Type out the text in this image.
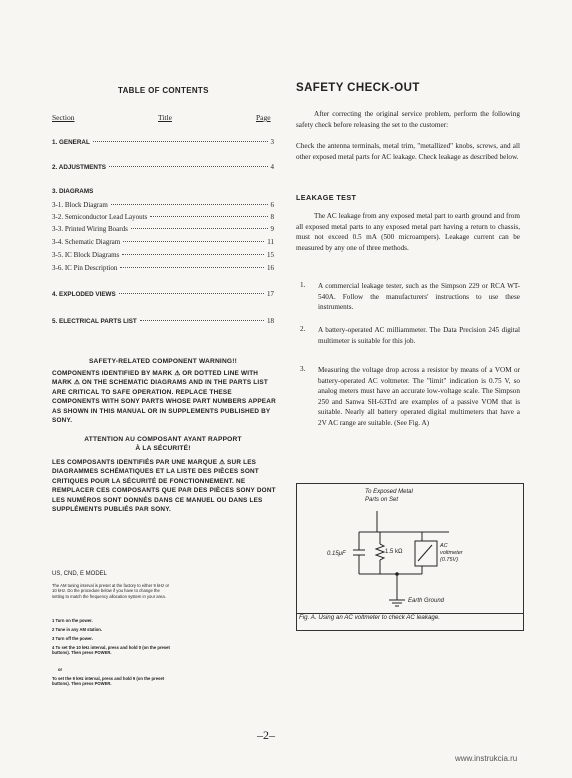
TABLE OF CONTENTS
Section	Title	Page
1. GENERAL	3
2. ADJUSTMENTS	4
3. DIAGRAMS
3-1. Block Diagram	6
3-2. Semiconductor Lead Layouts	8
3-3. Printed Wiring Boards	9
3-4. Schematic Diagram	11
3-5. IC Block Diagrams	15
3-6. IC Pin Description	16
4. EXPLODED VIEWS	17
5. ELECTRICAL PARTS LIST	18
SAFETY-RELATED COMPONENT WARNING!!
COMPONENTS IDENTIFIED BY MARK ⚠ OR DOTTED LINE WITH MARK ⚠ ON THE SCHEMATIC DIAGRAMS AND IN THE PARTS LIST ARE CRITICAL TO SAFE OPERATION. REPLACE THESE COMPONENTS WITH SONY PARTS WHOSE PART NUMBERS APPEAR AS SHOWN IN THIS MANUAL OR IN SUPPLEMENTS PUBLISHED BY SONY.
ATTENTION AU COMPOSANT AYANT RAPPORT
À LA SÉCURITÉ!
LES COMPOSANTS IDENTIFIÉS PAR UNE MARQUE ⚠ SUR LES DIAGRAMMES SCHÉMATIQUES ET LA LISTE DES PIÈCES SONT CRITIQUES POUR LA SÉCURITÉ DE FONCTIONNEMENT. NE REMPLACER CES COMPOSANTS QUE PAR DES PIÈCES SONY DONT LES NUMÉROS SONT DONNÉS DANS CE MANUEL OU DANS LES SUPPLÉMENTS PUBLIÉS PAR SONY.
US, CND, E MODEL
The AM tuning interval is preset at the factory to either 9 kHz or 10 kHz. Do the procedure below if you have to change the setting to match the frequency allocation system in your area.
1 Turn on the power.
2 Tune in any AM station.
3 Turn off the power.
4 To set the 10 kHz interval, press and hold 0 (on the preset buttons). Then press POWER.
or
To set the 9 kHz interval, press and hold 9 (on the preset buttons). Then press POWER.
SAFETY CHECK-OUT
After correcting the original service problem, perform the following safety check before releasing the set to the customer:
Check the antenna terminals, metal trim, "metallized" knobs, screws, and all other exposed metal parts for AC leakage. Check leakage as described below.
LEAKAGE TEST
The AC leakage from any exposed metal part to earth ground and from all exposed metal parts to any exposed metal part having a return to chassis, must not exceed 0.5 mA (500 microampers). Leakage current can be measured by any one of three methods.
1. A commercial leakage tester, such as the Simpson 229 or RCA WT-540A. Follow the manufacturers' instructions to use these instruments.
2. A battery-operated AC milliammeter. The Data Precision 245 digital multimeter is suitable for this job.
3. Measuring the voltage drop across a resistor by means of a VOM or battery-operated AC voltmeter. The "limit" indication is 0.75 V, so analog meters must have an accurate low-voltage scale. The Simpson 250 and Sanwa SH-63Trd are examples of a passive VOM that is suitable. Nearly all battery operated digital multimeters that have a 2V AC range are suitable. (See Fig. A)
To Exposed Metal
Parts on Set
0.15μF	1.5 kΩ
AC
voltmeter
(0.75V)
Earth Ground
Fig. A. Using an AC voltmeter to check AC leakage.
–2–
www.instrukcia.ru
